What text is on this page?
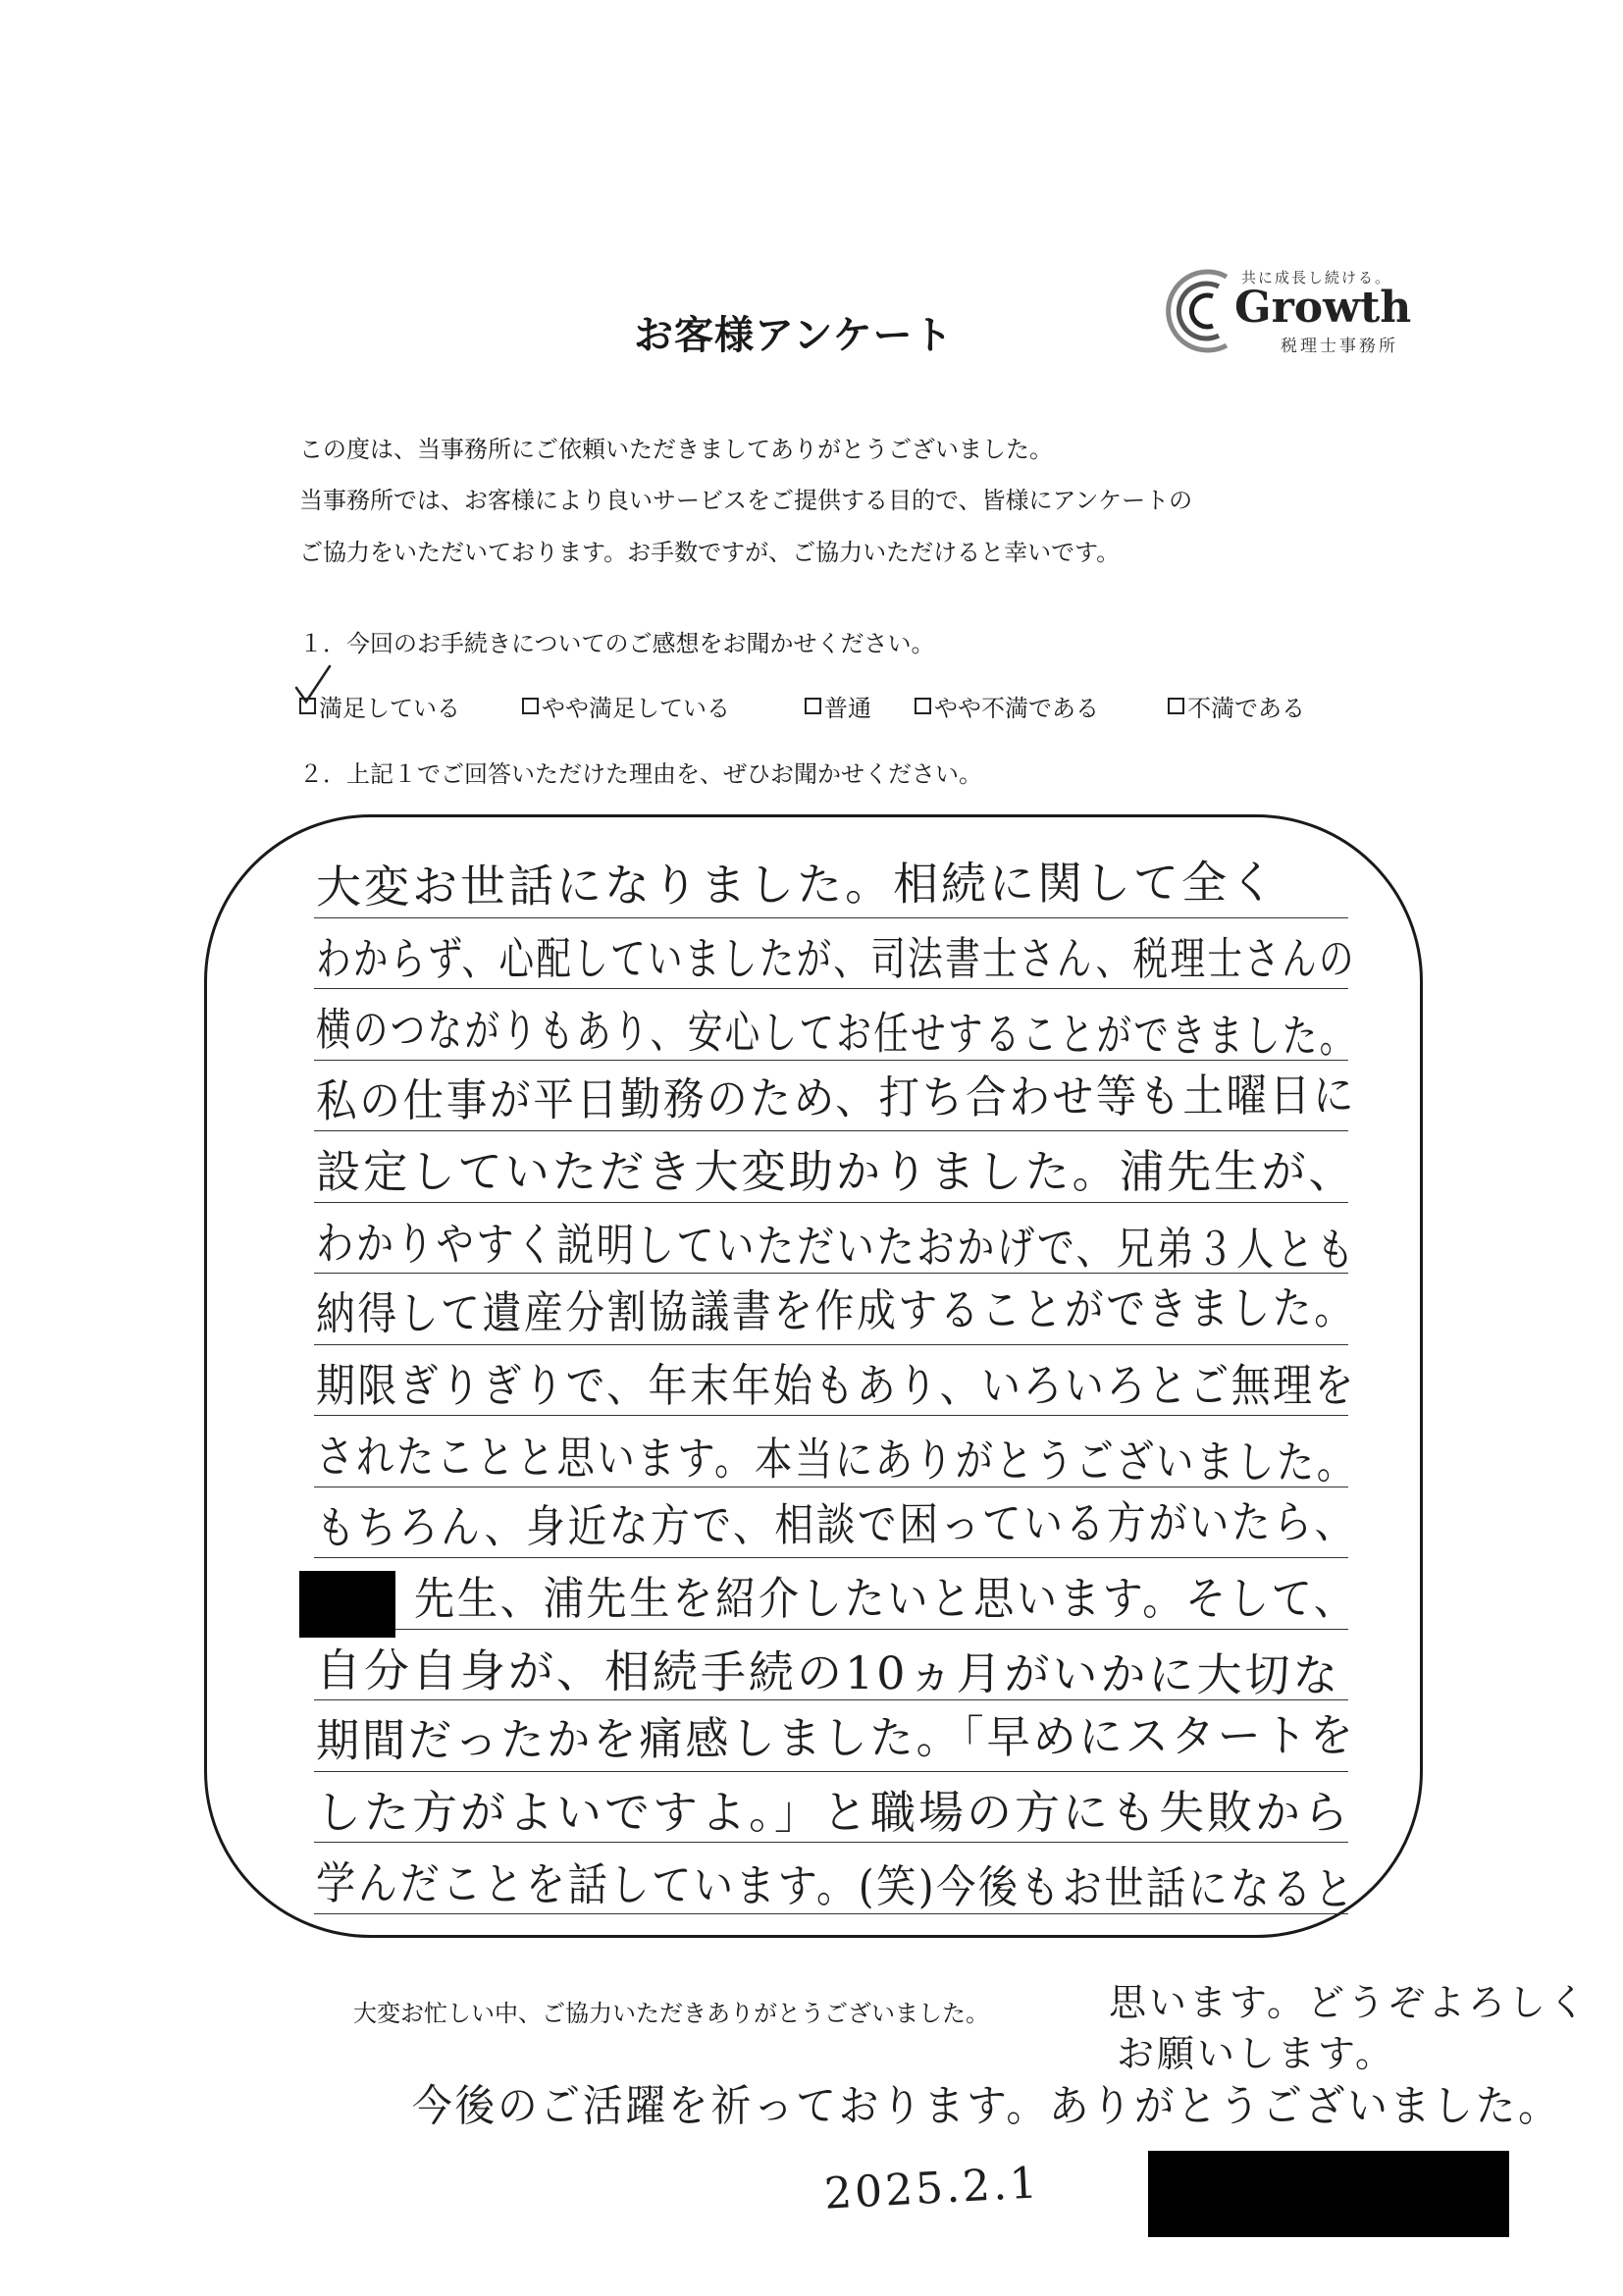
共に成長し続ける。
Growth
税理士事務所
お客様アンケート
この度は、当事務所にご依頼いただきましてありがとうございました。
当事務所では、お客様により良いサービスをご提供する目的で、皆様にアンケートの
ご協力をいただいております。お手数ですが、ご協力いただけると幸いです。
１．今回のお手続きについてのご感想をお聞かせください。
満足している	やや満足している	普通	やや不満である	不満である
２．上記１でご回答いただけた理由を、ぜひお聞かせください。
大変お世話になりました。相続に関して全く
わからず、心配していましたが、司法書士さん、税理士さんの
横のつながりもあり、安心してお任せすることができました。
私の仕事が平日勤務のため、打ち合わせ等も土曜日に
設定していただき大変助かりました。浦先生が、
わかりやすく説明していただいたおかげで、兄弟３人とも
納得して遺産分割協議書を作成することができました。
期限ぎりぎりで、年末年始もあり、いろいろとご無理を
されたことと思います。本当にありがとうございました。
もちろん、身近な方で、相談で困っている方がいたら、
先生、浦先生を紹介したいと思います。そして、
自分自身が、相続手続の10ヵ月がいかに大切な
期間だったかを痛感しました。「早めにスタートを
した方がよいですよ。」と職場の方にも失敗から
学んだことを話しています。(笑)今後もお世話になると
大変お忙しい中、ご協力いただきありがとうございました。	思います。どうぞよろしく
お願いします。
今後のご活躍を祈っております。ありがとうございました。
2025.2.1
